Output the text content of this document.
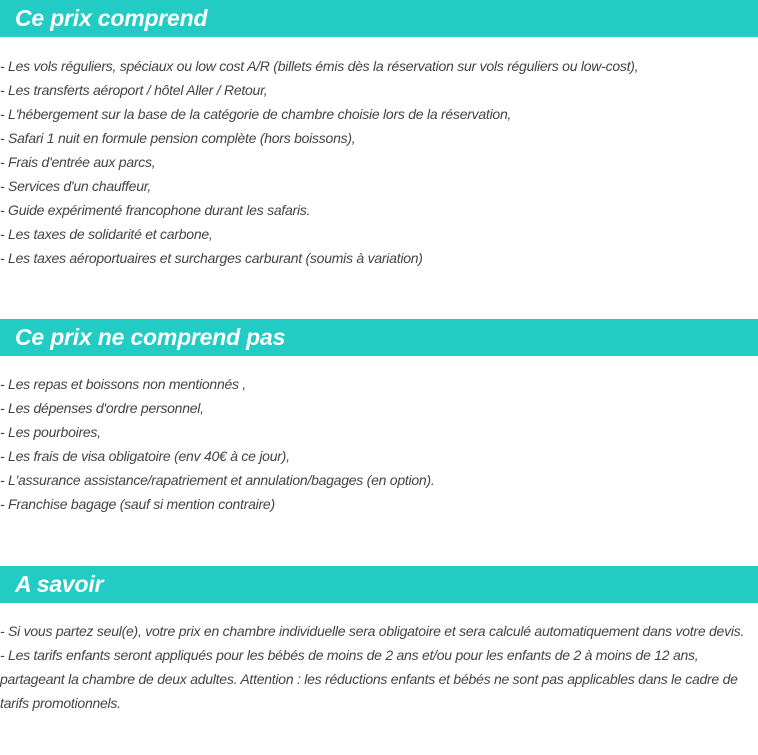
Ce prix comprend
- Les vols réguliers, spéciaux ou low cost A/R (billets émis dès la réservation sur vols réguliers ou low-cost),
- Les transferts aéroport / hôtel Aller / Retour,
- L'hébergement sur la base de la catégorie de chambre choisie lors de la réservation,
- Safari 1 nuit en formule pension complète (hors boissons),
- Frais d'entrée aux parcs,
- Services d'un chauffeur,
- Guide expérimenté francophone durant les safaris.
- Les taxes de solidarité et carbone,
- Les taxes aéroportuaires et surcharges carburant (soumis à variation)
Ce prix ne comprend pas
- Les repas et boissons non mentionnés ,
- Les dépenses d'ordre personnel,
- Les pourboires,
- Les frais de visa obligatoire (env 40€ à ce jour),
- L'assurance assistance/rapatriement et annulation/bagages (en option).
- Franchise bagage (sauf si mention contraire)
A savoir
- Si vous partez seul(e), votre prix en chambre individuelle sera obligatoire et sera calculé automatiquement dans votre devis.
- Les tarifs enfants seront appliqués pour les bébés de moins de 2 ans et/ou pour les enfants de 2 à moins de 12 ans, partageant la chambre de deux adultes. Attention : les réductions enfants et bébés ne sont pas applicables dans le cadre de tarifs promotionnels.
